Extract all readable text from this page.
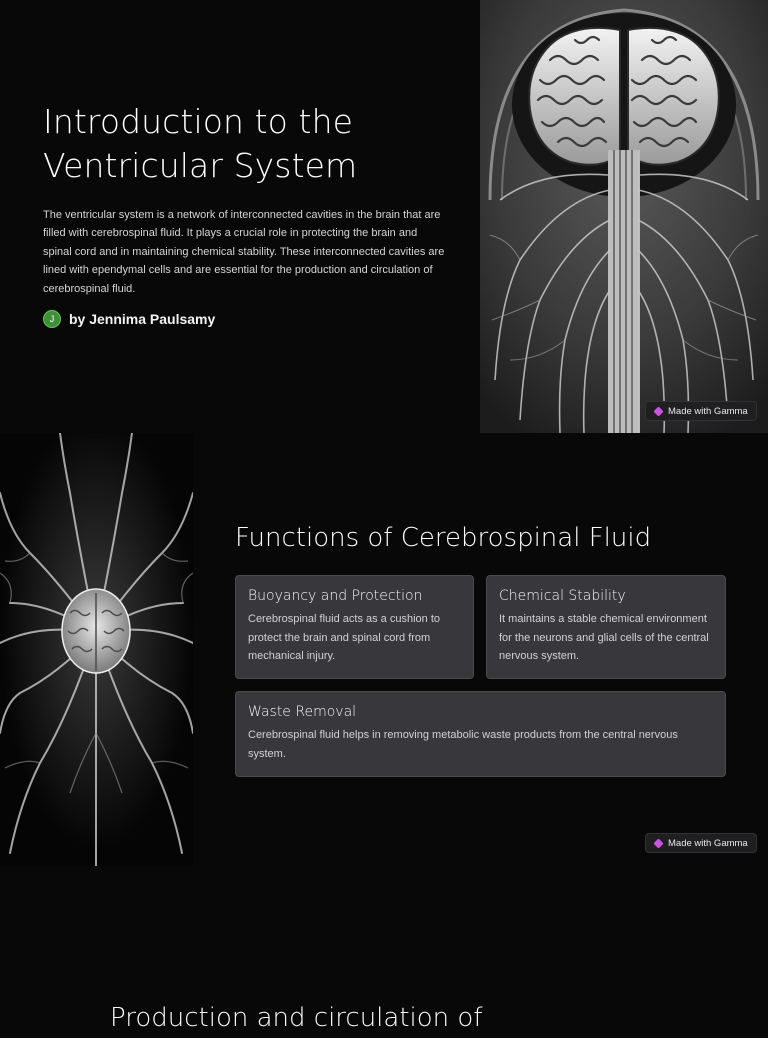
Introduction to the Ventricular System

The ventricular system is a network of interconnected cavities in the brain that are filled with cerebrospinal fluid. It plays a crucial role in protecting the brain and spinal cord and in maintaining chemical stability. These interconnected cavities are lined with ependymal cells and are essential for the production and circulation of cerebrospinal fluid.

J	by Jennima Paulsamy
Made with Gamma
Functions of Cerebrospinal Fluid
Buoyancy and Protection
Cerebrospinal fluid acts as a cushion to protect the brain and spinal cord from mechanical injury.
Chemical Stability
It maintains a stable chemical environment for the neurons and glial cells of the central nervous system.
Waste Removal
Cerebrospinal fluid helps in removing metabolic waste products from the central nervous system.
Made with Gamma
Production and circulation of
